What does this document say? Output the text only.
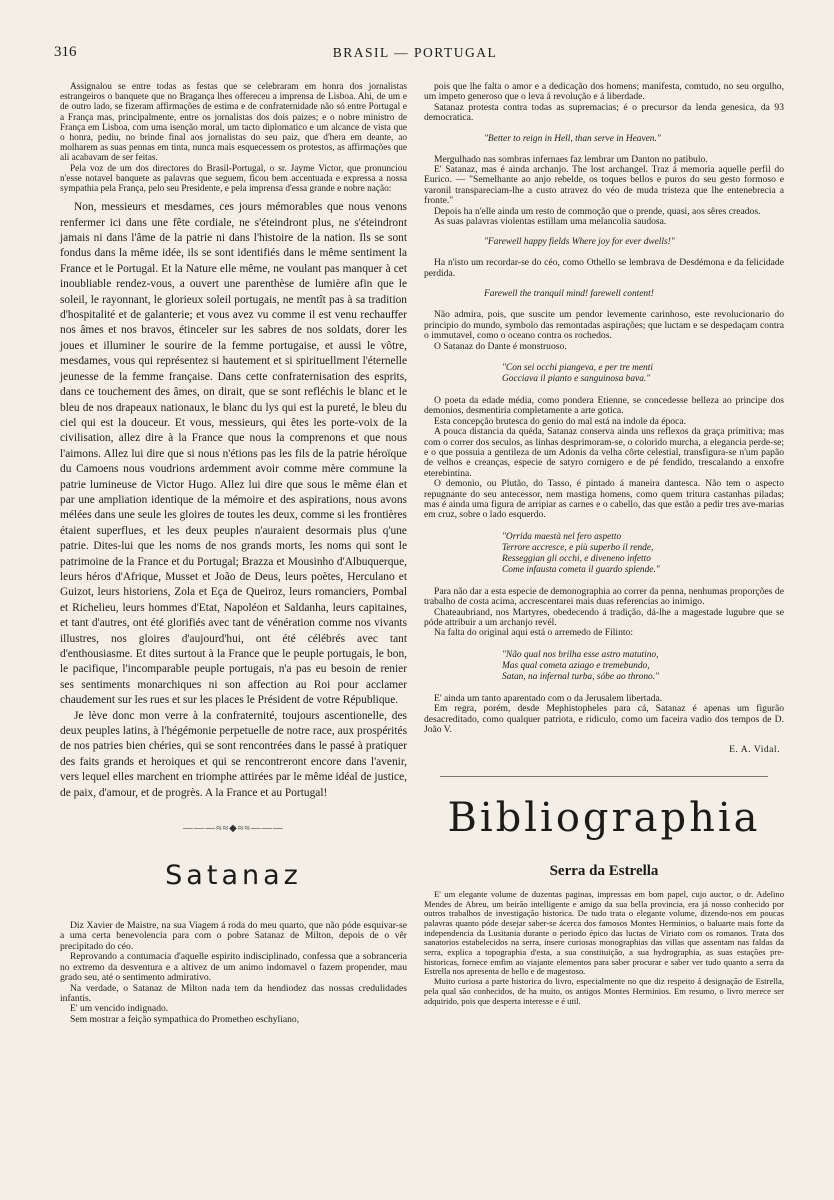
316	BRASIL — PORTUGAL

Assignalou se entre todas as festas que se celebraram em honra dos jornalistas estrangeiros o banquete que no Bragança lhes offereceu a imprensa de Lisboa. Ahi, de um e de outro lado, se fizeram affirmações de estima e de confraternidade não só entre Portugal e a França mas, principalmente, entre os jornalistas dos dois paizes; e o nobre ministro de França em Lisboa, com uma isenção moral, um tacto diplomatico e um alcance de vista que o honra, pediu, no brinde final aos jornalistas do seu paiz, que d'hera em deante, ao molharem as suas pennas em tinta, nunca mais esquecessem os protestos, as affirmações que ali acabavam de ser feitas.

Pela voz de um dos directores do Brasil-Portugal, o sr. Jayme Victor, que pronunciou n'esse notavel banquete as palavras que seguem, ficou bem accentuada e expressa a nossa sympathia pela França, pelo seu Presidente, e pela imprensa d'essa grande e nobre nação:

Non, messieurs et mesdames, ces jours mémorables que nous venons renfermer ici dans une fête cordiale, ne s'éteindront plus, ne s'éteindront jamais ni dans l'âme de la patrie ni dans l'histoire de la nation. Ils se sont fondus dans la même idée, ils se sont identifiés dans le même sentiment la France et le Portugal. Et la Nature elle même, ne voulant pas manquer à cet inoubliable rendez-vous, a ouvert une parenthèse de lumière afin que le soleil, le rayonnant, le glorieux soleil portugais, ne mentît pas à sa tradition d'hospitalité et de galanterie; et vous avez vu comme il est venu rechauffer nos âmes et nos bravos, étinceler sur les sabres de nos soldats, dorer les joues et illuminer le sourire de la femme portugaise, et aussi le vôtre, mesdames, vous qui représentez si hautement et si spirituellment l'éternelle jeunesse de la femme française. Dans cette confraternisation des esprits, dans ce touchement des âmes, on dirait, que se sont refléchis le blanc et le bleu de nos drapeaux nationaux, le blanc du lys qui est la pureté, le bleu du ciel qui est la douceur. Et vous, messieurs, qui êtes les porte-voix de la civilisation, allez dire à la France que nous la comprenons et que nous l'aimons. Allez lui dire que si nous n'étions pas les fils de la patrie héroïque du Camoens nous voudrions ardemment avoir comme mère commune la patrie lumineuse de Victor Hugo. Allez lui dire que sous le même élan et par une ampliation identique de la mémoire et des aspirations, nous avons mélées dans une seule les gloires de toutes les deux, comme si les frontières étaient superflues, et les deux peuples n'auraient desormais plus q'une patrie. Dites-lui que les noms de nos grands morts, les noms qui sont le patrimoine de la France et du Portugal; Brazza et Mousinho d'Albuquerque, leurs héros d'Afrique, Musset et João de Deus, leurs poètes, Herculano et Guizot, leurs historiens, Zola et Eça de Queiroz, leurs romanciers, Pombal et Richelieu, leurs hommes d'Etat, Napoléon et Saldanha, leurs capitaines, et tant d'autres, ont été glorifiés avec tant de vénération comme nos vivants illustres, nos gloires d'aujourd'hui, ont été célébrés avec tant d'enthousiasme. Et dites surtout à la France que le peuple portugais, le bon, le pacifique, l'incomparable peuple portugais, n'a pas eu besoin de renier ses sentiments monarchiques ni son affection au Roi pour acclamer chaudement sur les rues et sur les places le Président de votre République.

Je lève donc mon verre à la confraternité, toujours ascentionelle, des deux peuples latins, à l'hégémonie perpetuelle de notre race, aux prospérités de nos patries bien chéries, qui se sont rencontrées dans le passé à pratiquer des faits grands et heroiques et qui se rencontreront encore dans l'avenir, vers lequel elles marchent en triomphe attirées par le même idéal de justice, de paix, d'amour, et de progrès. A la France et au Portugal!

———≈≈◆≈≈———
Satanaz

Diz Xavier de Maistre, na sua Viagem á roda do meu quarto, que não póde esquivar-se a uma certa benevolencia para com o pobre Satanaz de Milton, depois de o vêr precipitado do céo.

Reprovando a contumacia d'aquelle espirito indisciplinado, confessa que a sobranceria no extremo da desventura e a altivez de um animo indomavel o fazem propender, mau grado seu, até o sentimento admirativo.

Na verdade, o Satanaz de Milton nada tem da hendiodez das nossas credulidades infantis.

E' um vencido indignado.

Sem mostrar a feição sympathica do Prometheo eschyliano,

pois que lhe falta o amor e a dedicação dos homens; manifesta, comtudo, no seu orgulho, um impeto generoso que o leva á revolução e á liberdade.

Satanaz protesta contra todas as supremacias; é o precursor da lenda genesica, da 93 democratica.

"Better to reign in Hell, than serve in Heaven."

Mergulhado nas sombras infernaes faz lembrar um Danton no patibulo.

E' Satanaz, mas é ainda archanjo. The lost archangel. Traz á memoria aquelle perfil do Eurico. — "Semelhante ao anjo rebelde, os toques bellos e puros do seu gesto formoso e varonil transpareciam-lhe a custo atravez do véo de muda tristeza que lhe entenebrecia a fronte."

Depois ha n'elle ainda um resto de commoção que o prende, quasi, aos sêres creados.

As suas palavras violentas estillam uma melancolia saudosa.

"Farewell happy fields Where joy for ever dwells!"

Ha n'isto um recordar-se do céo, como Othello se lembrava de Desdémona e da felicidade perdida.

Farewell the tranquil mind! farewell content!

Não admira, pois, que suscite um pendor levemente carinhoso, este revolucionario do principio do mundo, symbolo das remontadas aspirações; que luctam e se despedaçam contra o immutavel, como o oceano contra os rochedos.

O Satanaz do Dante é monstruoso.

"Con sei occhi piangeva, e per tre menti
Gocciava il pianto e sanguinosa bava."

O poeta da edade média, como pondera Etienne, se concedesse belleza ao principe dos demonios, desmentiria completamente a arte gotica.

Esta concepção brutesca do genio do mal está na indole da época.

A pouca distancia da quéda, Satanaz conserva ainda uns reflexos da graça primitiva; mas com o correr dos seculos, as linhas desprimoram-se, o colorido murcha, a elegancia perde-se; e o que possuia a gentileza de um Adonis da velha côrte celestial, transfigura-se n'um papão de velhos e creanças, especie de satyro cornigero e de pé fendido, trescalando a enxofre eterebintina.

O demonio, ou Plutão, do Tasso, é pintado á maneira dantesca. Não tem o aspecto repugnante do seu antecessor, nem mastiga homens, como quem tritura castanhas piladas; mas é ainda uma figura de arripiar as carnes e o cabello, das que estão a pedir tres ave-marias em cruz, sobre o lado esquerdo.

"Orrida maestà nel fero aspetto
Terrore accresce, e più superbo il rende,
Resseggian gli occhi, e diveneno infetto
Come infausta cometa il guardo splende."

Para não dar a esta especie de demonographia ao correr da penna, nenhumas proporções de trabalho de costa acima, accrescentarei mais duas referencias ao inimigo.

Chateaubriand, nos Martyres, obedecendo á tradição, dá-lhe a magestade lugubre que se póde attribuir a um archanjo revél.

Na falta do original aqui está o arremedo de Filinto:

"Não qual nos brilha esse astro matutino,
Mas qual cometa aziago e tremebundo,
Satan, na infernal turba, sóbe ao throno."

E' ainda um tanto aparentado com o da Jerusalem libertada.

Em regra, porém, desde Mephistopheles para cá, Satanaz é apenas um figurão desacreditado, como qualquer patriota, e ridiculo, como um faceira vadio dos tempos de D. João V.

E. A. Vidal.
Bibliographia
Serra da Estrella

E' um elegante volume de duzentas paginas, impressas em bom papel, cujo auctor, o dr. Adelino Mendes de Abreu, um beirão intelligente e amigo da sua bella provincia, era já nosso conhecido por outros trabalhos de investigação historica. De tudo trata o elegante volume, dizendo-nos em poucas palavras quanto póde desejar saber-se ácerca dos famosos Montes Herminios, o baluarte mais forte da independencia da Lusitania durante o periodo épico das luctas de Viriato com os romanos. Trata dos sanatorios estabelecidos na serra, insere curiosas monographias das villas que assentam nas faldas da serra, explica a topographia d'esta, a sua constituição, a sua hydrographia, as suas estações pre-historicas, fornece emfim ao viajante elementos para saber procurar e saber ver tudo quanto a serra da Estrella nos apresenta de bello e de magestoso.

Muito curiosa a parte historica do livro, especialmente no que diz respeito á designação de Estrella, pela qual são conhecidos, de ha muito, os antigos Montes Herminios. Em resumo, o livro merece ser adquirido, pois que desperta interesse e é util.
